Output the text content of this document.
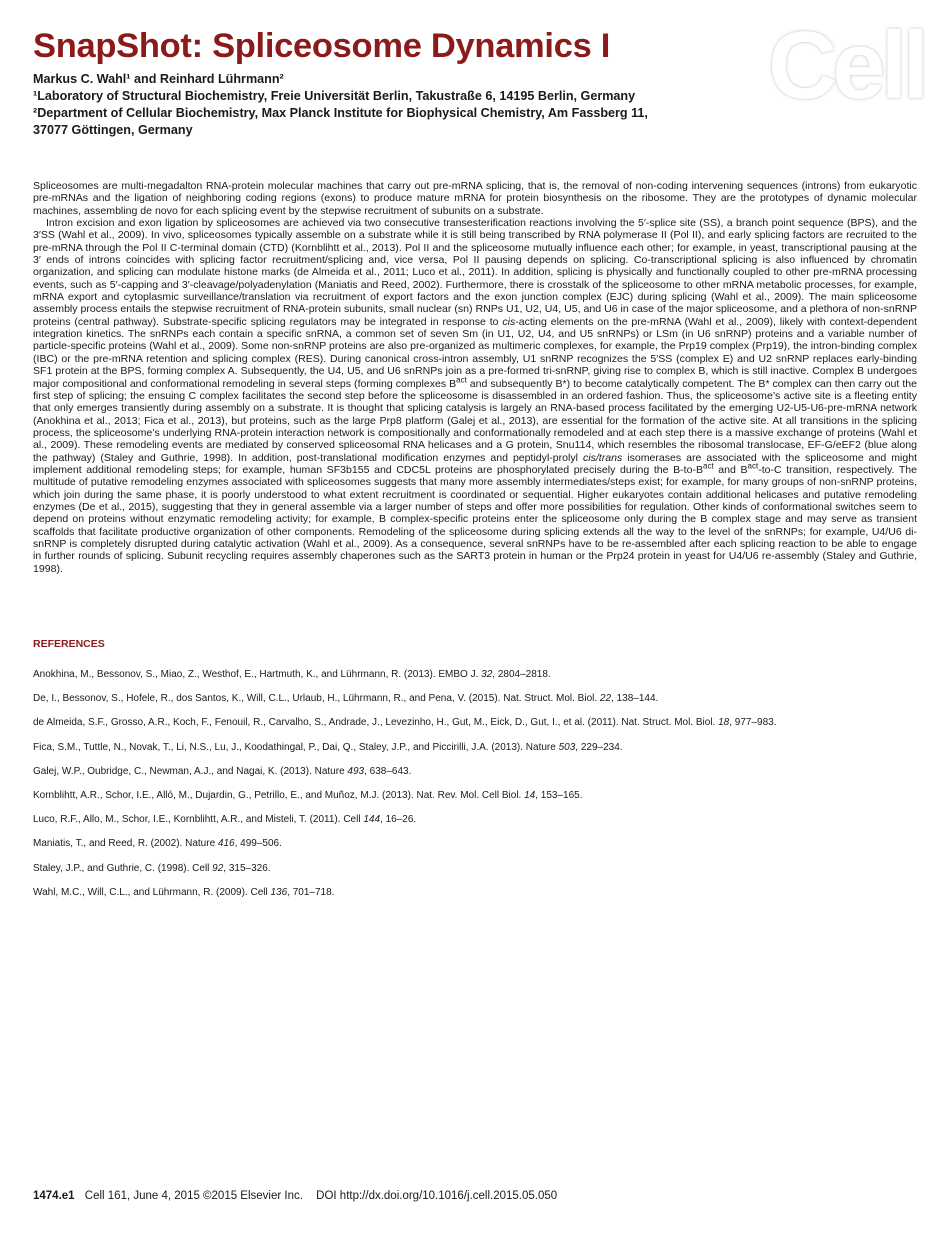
SnapShot: Spliceosome Dynamics I
Markus C. Wahl¹ and Reinhard Lührmann²
¹Laboratory of Structural Biochemistry, Freie Universität Berlin, Takustraße 6, 14195 Berlin, Germany
²Department of Cellular Biochemistry, Max Planck Institute for Biophysical Chemistry, Am Fassberg 11,
37077 Göttingen, Germany
Cell

Spliceosomes are multi-megadalton RNA-protein molecular machines that carry out pre-mRNA splicing, that is, the removal of non-coding intervening sequences (introns) from eukaryotic pre-mRNAs and the ligation of neighboring coding regions (exons) to produce mature mRNA for protein biosynthesis on the ribosome. They are the prototypes of dynamic molecular machines, assembling de novo for each splicing event by the stepwise recruitment of subunits on a substrate.

Intron excision and exon ligation by spliceosomes are achieved via two consecutive transesterification reactions involving the 5′-splice site (SS), a branch point sequence (BPS), and the 3′SS (Wahl et al., 2009). In vivo, spliceosomes typically assemble on a substrate while it is still being transcribed by RNA polymerase II (Pol II), and early splicing factors are recruited to the pre-mRNA through the Pol II C-terminal domain (CTD) (Kornblihtt et al., 2013). Pol II and the spliceosome mutually influence each other; for example, in yeast, transcriptional pausing at the 3′ ends of introns coincides with splicing factor recruitment/splicing and, vice versa, Pol II pausing depends on splicing. Co-transcriptional splicing is also influenced by chromatin organization, and splicing can modulate histone marks (de Almeida et al., 2011; Luco et al., 2011). In addition, splicing is physically and functionally coupled to other pre-mRNA processing events, such as 5′-capping and 3′-cleavage/polyadenylation (Maniatis and Reed, 2002). Furthermore, there is crosstalk of the spliceosome to other mRNA metabolic processes, for example, mRNA export and cytoplasmic surveillance/translation via recruitment of export factors and the exon junction complex (EJC) during splicing (Wahl et al., 2009). The main spliceosome assembly process entails the stepwise recruitment of RNA-protein subunits, small nuclear (sn) RNPs U1, U2, U4, U5, and U6 in case of the major spliceosome, and a plethora of non-snRNP proteins (central pathway). Substrate-specific splicing regulators may be integrated in response to cis-acting elements on the pre-mRNA (Wahl et al., 2009), likely with context-dependent integration kinetics. The snRNPs each contain a specific snRNA, a common set of seven Sm (in U1, U2, U4, and U5 snRNPs) or LSm (in U6 snRNP) proteins and a variable number of particle-specific proteins (Wahl et al., 2009). Some non-snRNP proteins are also pre-organized as multimeric complexes, for example, the Prp19 complex (Prp19), the intron-binding complex (IBC) or the pre-mRNA retention and splicing complex (RES). During canonical cross-intron assembly, U1 snRNP recognizes the 5′SS (complex E) and U2 snRNP replaces early-binding SF1 protein at the BPS, forming complex A. Subsequently, the U4, U5, and U6 snRNPs join as a pre-formed tri-snRNP, giving rise to complex B, which is still inactive. Complex B undergoes major compositional and conformational remodeling in several steps (forming complexes $B^{act}$ and subsequently B*) to become catalytically competent. The B* complex can then carry out the first step of splicing; the ensuing C complex facilitates the second step before the spliceosome is disassembled in an ordered fashion. Thus, the spliceosome’s active site is a fleeting entity that only emerges transiently during assembly on a substrate. It is thought that splicing catalysis is largely an RNA-based process facilitated by the emerging U2-U5-U6-pre-mRNA network (Anokhina et al., 2013; Fica et al., 2013), but proteins, such as the large Prp8 platform (Galej et al., 2013), are essential for the formation of the active site. At all transitions in the splicing process, the spliceosome’s underlying RNA-protein interaction network is compositionally and conformationally remodeled and at each step there is a massive exchange of proteins (Wahl et al., 2009). These remodeling events are mediated by conserved spliceosomal RNA helicases and a G protein, Snu114, which resembles the ribosomal translocase, EF-G/eEF2 (blue along the pathway) (Staley and Guthrie, 1998). In addition, post-translational modification enzymes and peptidyl-prolyl cis/trans isomerases are associated with the spliceosome and might implement additional remodeling steps; for example, human SF3b155 and CDC5L proteins are phosphorylated precisely during the $B-to-B^{act}$ and $B^{act}-to-C$ transition, respectively. The multitude of putative remodeling enzymes associated with spliceosomes suggests that many more assembly intermediates/steps exist; for example, for many groups of non-snRNP proteins, which join during the same phase, it is poorly understood to what extent recruitment is coordinated or sequential. Higher eukaryotes contain additional helicases and putative remodeling enzymes (De et al., 2015), suggesting that they in general assemble via a larger number of steps and offer more possibilities for regulation. Other kinds of conformational switches seem to depend on proteins without enzymatic remodeling activity; for example, B complex-specific proteins enter the spliceosome only during the B complex stage and may serve as transient scaffolds that facilitate productive organization of other components. Remodeling of the spliceosome during splicing extends all the way to the level of the snRNPs; for example, U4/U6 di-snRNP is completely disrupted during catalytic activation (Wahl et al., 2009). As a consequence, several snRNPs have to be re-assembled after each splicing reaction to be able to engage in further rounds of splicing. Subunit recycling requires assembly chaperones such as the SART3 protein in human or the Prp24 protein in yeast for U4/U6 re-assembly (Staley and Guthrie, 1998).

REFERENCES
Anokhina, M., Bessonov, S., Miao, Z., Westhof, E., Hartmuth, K., and Lührmann, R. (2013). EMBO J. 32, 2804–2818.
De, I., Bessonov, S., Hofele, R., dos Santos, K., Will, C.L., Urlaub, H., Lührmann, R., and Pena, V. (2015). Nat. Struct. Mol. Biol. 22, 138–144.
de Almeida, S.F., Grosso, A.R., Koch, F., Fenouil, R., Carvalho, S., Andrade, J., Levezinho, H., Gut, M., Eick, D., Gut, I., et al. (2011). Nat. Struct. Mol. Biol. 18, 977–983.
Fica, S.M., Tuttle, N., Novak, T., Li, N.S., Lu, J., Koodathingal, P., Dai, Q., Staley, J.P., and Piccirilli, J.A. (2013). Nature 503, 229–234.
Galej, W.P., Oubridge, C., Newman, A.J., and Nagai, K. (2013). Nature 493, 638–643.
Kornblihtt, A.R., Schor, I.E., Alló, M., Dujardin, G., Petrillo, E., and Muñoz, M.J. (2013). Nat. Rev. Mol. Cell Biol. 14, 153–165.
Luco, R.F., Allo, M., Schor, I.E., Kornblihtt, A.R., and Misteli, T. (2011). Cell 144, 16–26.
Maniatis, T., and Reed, R. (2002). Nature 416, 499–506.
Staley, J.P., and Guthrie, C. (1998). Cell 92, 315–326.
Wahl, M.C., Will, C.L., and Lührmann, R. (2009). Cell 136, 701–718.
1474.e1 Cell 161, June 4, 2015 ©2015 Elsevier Inc. DOI http://dx.doi.org/10.1016/j.cell.2015.05.050
